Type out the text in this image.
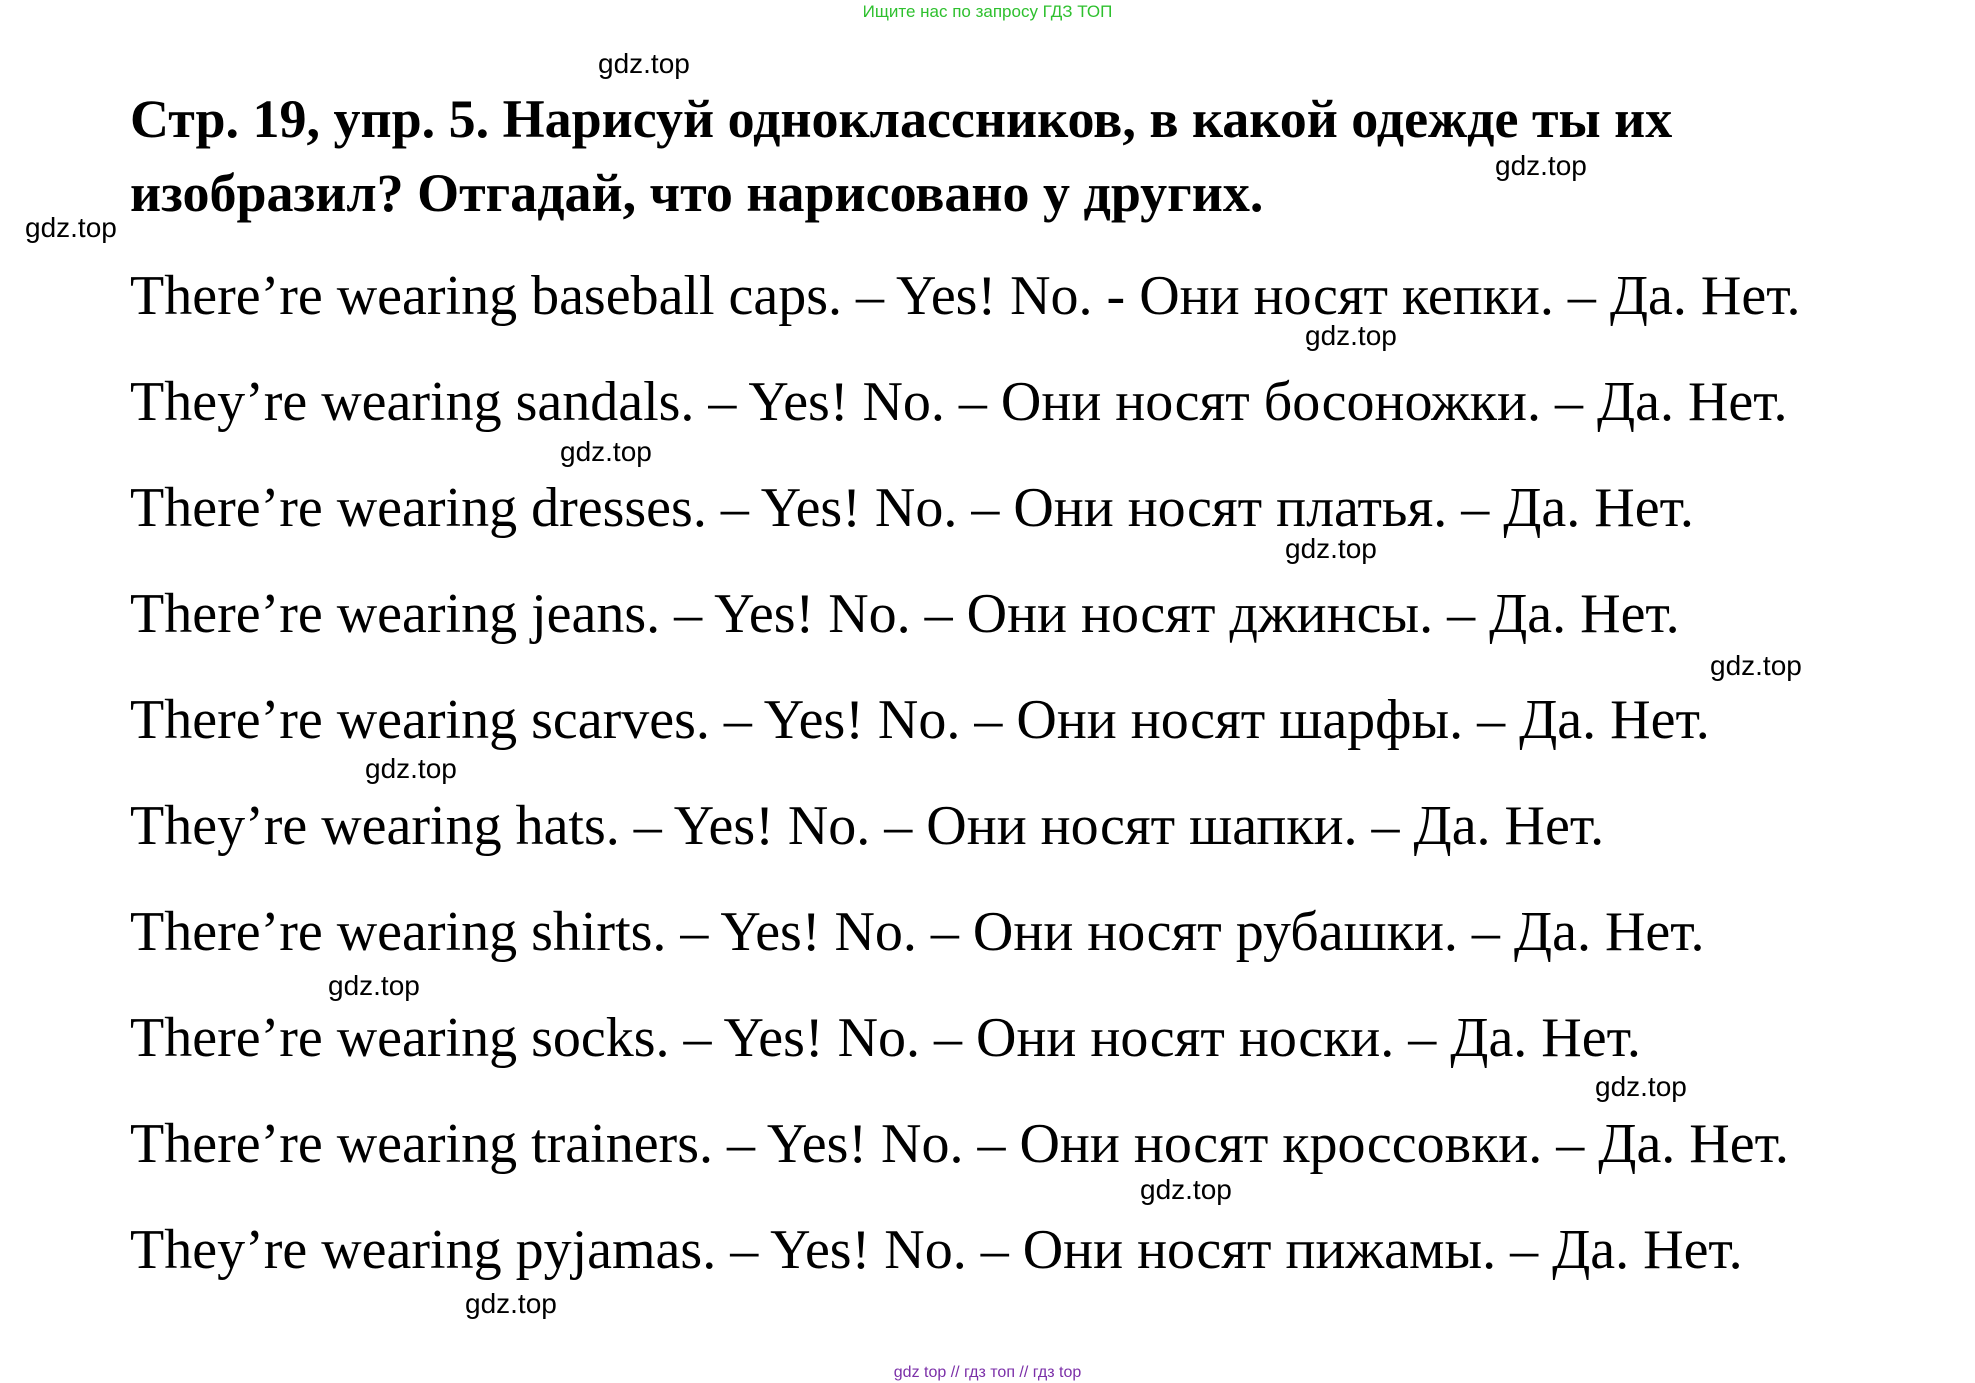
Ищите нас по запросу ГДЗ ТОП
Стр. 19, упр. 5. Нарисуй одноклассников, в какой одежде ты их изобразил? Отгадай, что нарисовано у других.

There’re wearing baseball caps. – Yes! No. - Они носят кепки. – Да. Нет.

They’re wearing sandals. – Yes! No. – Они носят босоножки. – Да. Нет.

There’re wearing dresses. – Yes! No. – Они носят платья. – Да. Нет.

There’re wearing jeans. – Yes! No. – Они носят джинсы. – Да. Нет.

There’re wearing scarves. – Yes! No. – Они носят шарфы. – Да. Нет.

They’re wearing hats. – Yes! No. – Они носят шапки. – Да. Нет.

There’re wearing shirts. – Yes! No. – Они носят рубашки. – Да. Нет.

There’re wearing socks. – Yes! No. – Они носят носки. – Да. Нет.

There’re wearing trainers. – Yes! No. – Они носят кроссовки. – Да. Нет.

They’re wearing pyjamas. – Yes! No. – Они носят пижамы. – Да. Нет.

gdz.top
gdz.top
gdz.top
gdz.top
gdz.top
gdz.top
gdz.top
gdz.top
gdz.top
gdz.top
gdz.top
gdz.top
gdz top // гдз топ // гдз top
